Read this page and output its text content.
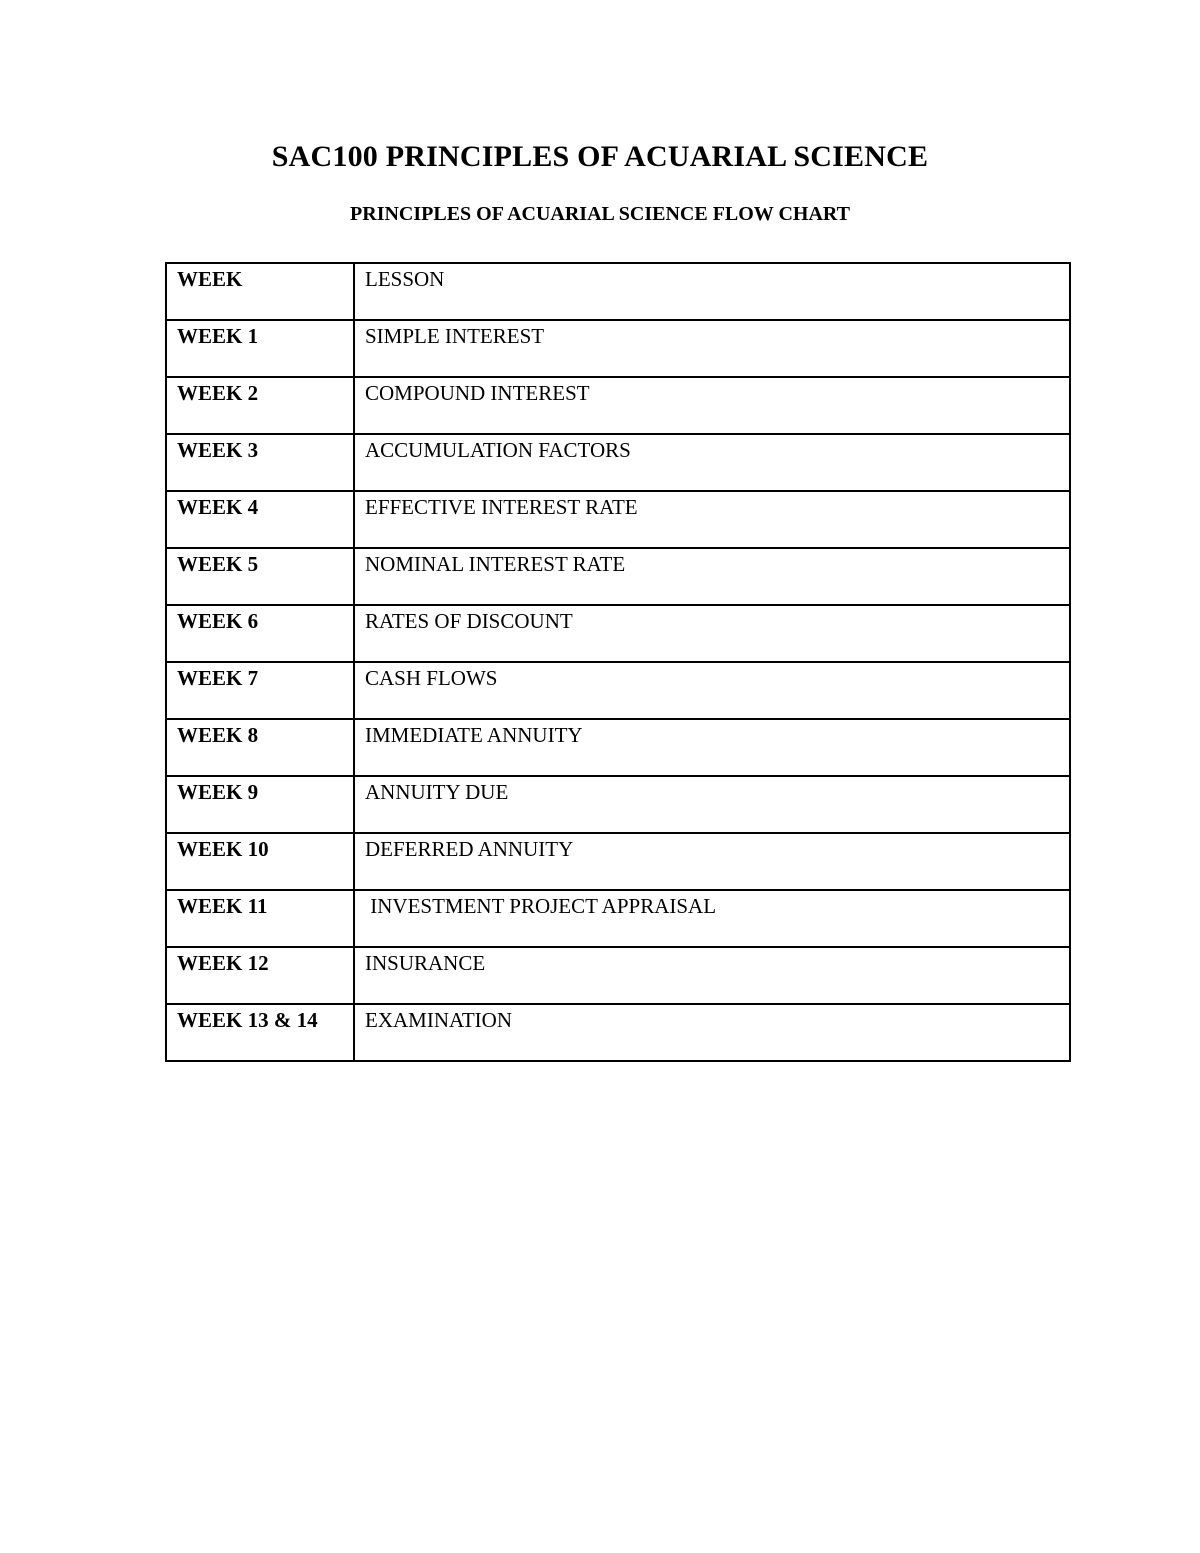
SAC100 PRINCIPLES OF ACUARIAL SCIENCE
PRINCIPLES OF ACUARIAL SCIENCE FLOW CHART
WEEK	LESSON
WEEK 1	SIMPLE INTEREST
WEEK 2	COMPOUND INTEREST
WEEK 3	ACCUMULATION FACTORS
WEEK 4	EFFECTIVE INTEREST RATE
WEEK 5	NOMINAL INTEREST RATE
WEEK 6	RATES OF DISCOUNT
WEEK 7	CASH FLOWS
WEEK 8	IMMEDIATE ANNUITY
WEEK 9	ANNUITY DUE
WEEK 10	DEFERRED ANNUITY
WEEK 11	INVESTMENT PROJECT APPRAISAL
WEEK 12	INSURANCE
WEEK 13 & 14	EXAMINATION
